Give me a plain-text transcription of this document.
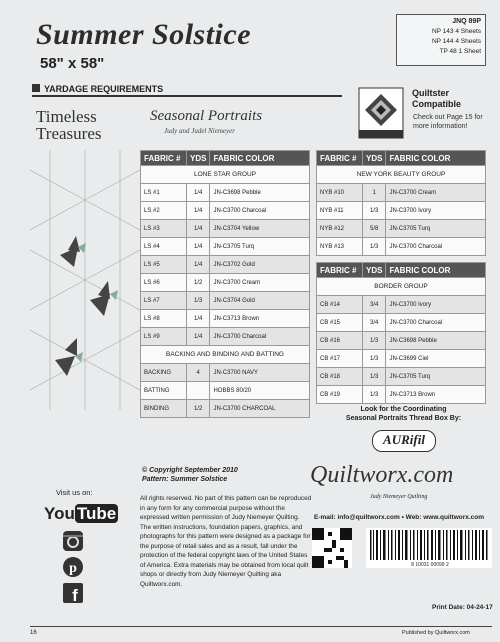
Summer Solstice
58" x 58"
JNQ 89P
NP 143 4 Sheets
NP 144 4 Sheets
TP 48 1 Sheet
YARDAGE REQUIREMENTS
Timeless
Treasures
Seasonal Portraits
Judy and Judel Niemeyer
Quiltster
Compatible
Check out Page 15 for
more information!
FABRIC #	YDS	FABRIC COLOR
LONE STAR GROUP		
LS #1	1/4	JN-C3698 Pebble
LS #2	1/4	JN-C3700 Charcoal
LS #3	1/4	JN-C3704 Yellow
LS #4	1/4	JN-C3705 Turq
LS #5	1/4	JN-C3702 Gold
LS #6	1/2	JN-C3700 Cream
LS #7	1/3	JN-C3704 Gold
LS #8	1/4	JN-C3713 Brown
LS #9	1/4	JN-C3700 Charcoal
BACKING AND BINDING AND BATTING		
BACKING	4	JN-C3700 NAVY
BATTING		HOBBS 80/20
BINDING	1/2	JN-C3700 CHARCOAL
FABRIC #	YDS	FABRIC COLOR
NEW YORK BEAUTY GROUP		
NYB #10	1	JN-C3700 Cream
NYB #11	1/3	JN-C3700 Ivory
NYB #12	5/8	JN-C3705 Turq
NYB #13	1/3	JN-C3700 Charcoal
FABRIC #	YDS	FABRIC COLOR
BORDER GROUP		
CB #14	3/4	JN-C3700 Ivory
CB #15	3/4	JN-C3700 Charcoal
CB #16	1/3	JN-C3698 Pebble
CB #17	1/3	JN-C3699 Ciel
CB #18	1/3	JN-C3705 Turq
CB #19	1/3	JN-C3713 Brown
Look for the Coordinating
Seasonal Portraits Thread Box By:
AURifil
© Copyright September 2010
Pattern: Summer Solstice
All rights reserved. No part of this pattern can be reproduced in any form for any commercial purpose without the expressed written permission of Judy Niemeyer Quilting. The written instructions, foundation papers, graphics, and photographs for this pattern were designed as a package for the purpose of retail sales and as a result, fall under the protection of the federal copyright laws of the United States of America. Extra materials may be obtained from local quilt shops or directly from Judy Niemeyer Quilting aka Quiltworx.com.
Visit us on:
You Tube
p
f
Quiltworx.com
Judy Niemeyer Quilting
E-mail: info@quiltworx.com • Web: www.quiltworx.com
8 10031 00099 2
Print Date: 04-24-17
16	Published by Quiltworx.com
